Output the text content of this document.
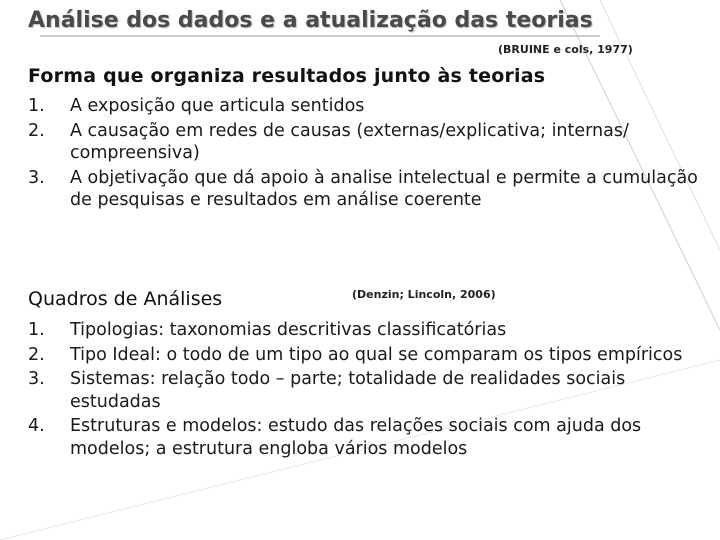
Análise dos dados e a atualização das teorias
(BRUINE e cols, 1977)
Forma que organiza resultados junto às teorias
1.	A exposição que articula sentidos
2.	A causação em redes de causas (externas/explicativa; internas/ compreensiva)
3.	A objetivação que dá apoio à analise intelectual e permite a cumulação de pesquisas e resultados em análise coerente
Quadros de Análises	(Denzin; Lincoln, 2006)
1.	Tipologias: taxonomias descritivas classificatórias
2.	Tipo Ideal: o todo de um tipo ao qual se comparam os tipos empíricos
3.	Sistemas: relação todo – parte; totalidade de realidades sociais estudadas
4.	Estruturas e modelos: estudo das relações sociais com ajuda dos modelos; a estrutura engloba vários modelos
